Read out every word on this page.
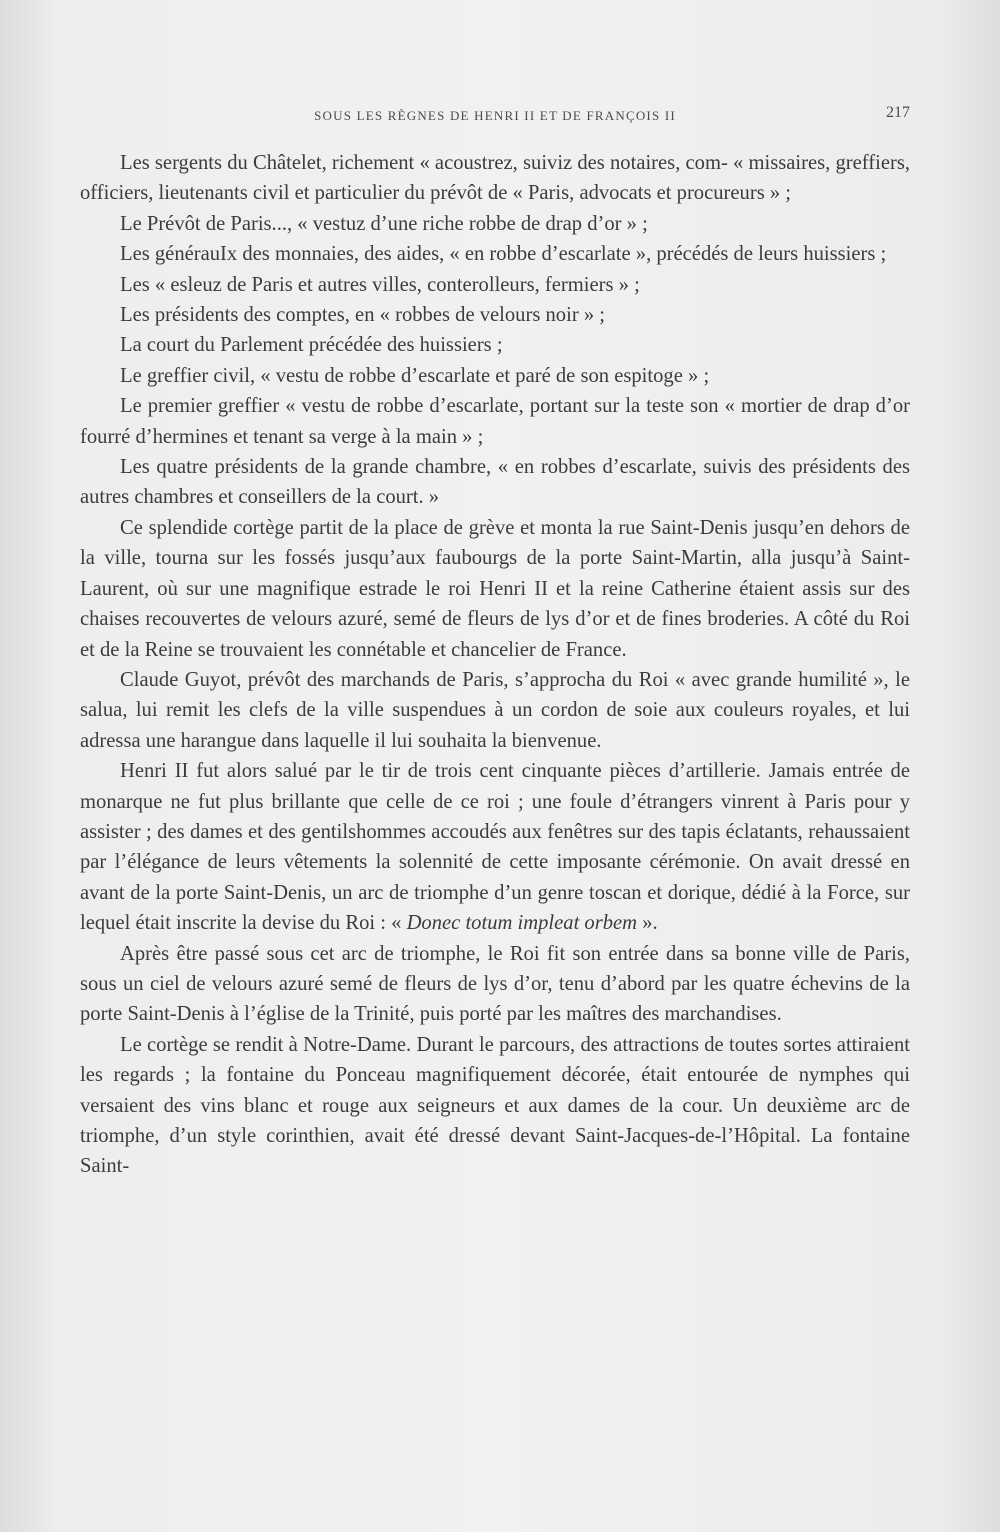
SOUS LES RÈGNES DE HENRI II ET DE FRANÇOIS II	217

Les sergents du Châtelet, richement « acoustrez, suiviz des notaires, com- « missaires, greffiers, officiers, lieutenants civil et particulier du prévôt de « Paris, advocats et procureurs » ;

Le Prévôt de Paris..., « vestuz d’une riche robbe de drap d’or » ;

Les générauIx des monnaies, des aides, « en robbe d’escarlate », précédés de leurs huissiers ;

Les « esleuz de Paris et autres villes, conterolleurs, fermiers » ;

Les présidents des comptes, en « robbes de velours noir » ;

La court du Parlement précédée des huissiers ;

Le greffier civil, « vestu de robbe d’escarlate et paré de son espitoge » ;

Le premier greffier « vestu de robbe d’escarlate, portant sur la teste son « mortier de drap d’or fourré d’hermines et tenant sa verge à la main » ;

Les quatre présidents de la grande chambre, « en robbes d’escarlate, suivis des présidents des autres chambres et conseillers de la court. »

Ce splendide cortège partit de la place de grève et monta la rue Saint-Denis jusqu’en dehors de la ville, tourna sur les fossés jusqu’aux faubourgs de la porte Saint-Martin, alla jusqu’à Saint-Laurent, où sur une magnifique estrade le roi Henri II et la reine Catherine étaient assis sur des chaises recouvertes de velours azuré, semé de fleurs de lys d’or et de fines broderies. A côté du Roi et de la Reine se trouvaient les connétable et chancelier de France.

Claude Guyot, prévôt des marchands de Paris, s’approcha du Roi « avec grande humilité », le salua, lui remit les clefs de la ville suspendues à un cordon de soie aux couleurs royales, et lui adressa une harangue dans laquelle il lui souhaita la bienvenue.

Henri II fut alors salué par le tir de trois cent cinquante pièces d’artillerie. Jamais entrée de monarque ne fut plus brillante que celle de ce roi ; une foule d’étrangers vinrent à Paris pour y assister ; des dames et des gentilshommes accoudés aux fenêtres sur des tapis éclatants, rehaussaient par l’élégance de leurs vêtements la solennité de cette imposante cérémonie. On avait dressé en avant de la porte Saint-Denis, un arc de triomphe d’un genre toscan et dorique, dédié à la Force, sur lequel était inscrite la devise du Roi : « Donec totum impleat orbem ».

Après être passé sous cet arc de triomphe, le Roi fit son entrée dans sa bonne ville de Paris, sous un ciel de velours azuré semé de fleurs de lys d’or, tenu d’abord par les quatre échevins de la porte Saint-Denis à l’église de la Trinité, puis porté par les maîtres des marchandises.

Le cortège se rendit à Notre-Dame. Durant le parcours, des attractions de toutes sortes attiraient les regards ; la fontaine du Ponceau magnifiquement décorée, était entourée de nymphes qui versaient des vins blanc et rouge aux seigneurs et aux dames de la cour. Un deuxième arc de triomphe, d’un style corinthien, avait été dressé devant Saint-Jacques-de-l’Hôpital. La fontaine Saint-
